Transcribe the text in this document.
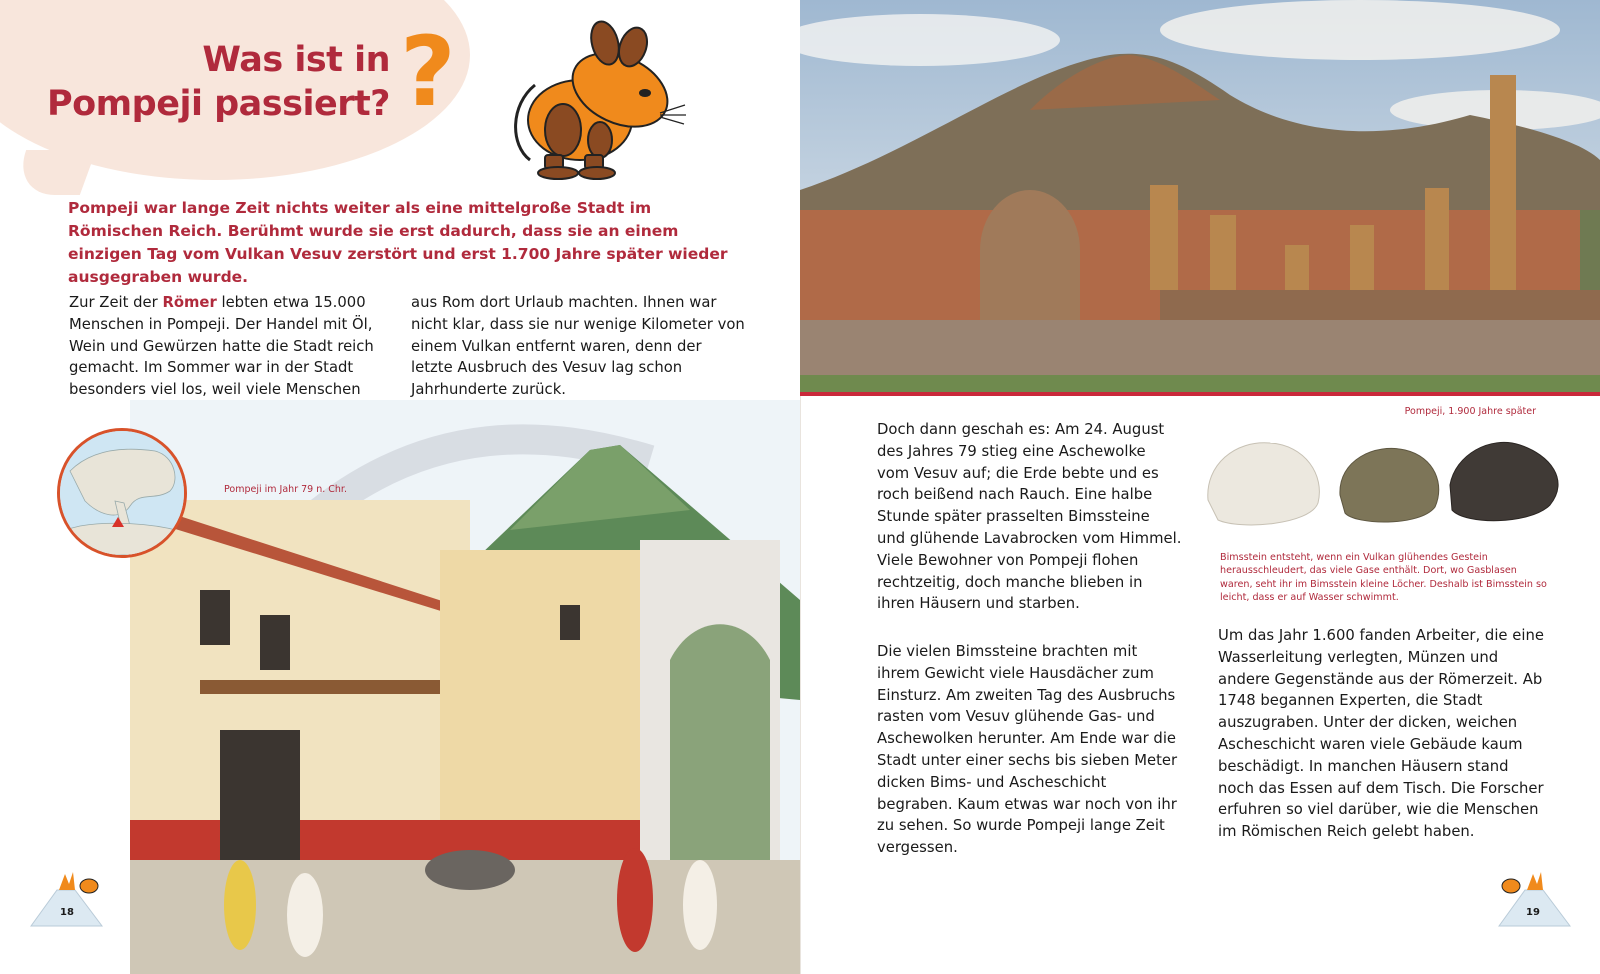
Was ist in
Pompeji passiert? ?
Pompeji war lange Zeit nichts weiter als eine mittelgroße Stadt im Römischen Reich. Berühmt wurde sie erst dadurch, dass sie an einem einzigen Tag vom Vulkan Vesuv zerstört und erst 1.700 Jahre später wieder ausgegraben wurde.
Zur Zeit der Römer lebten etwa 15.000 Menschen in Pompeji. Der Handel mit Öl, Wein und Gewürzen hatte die Stadt reich gemacht. Im Sommer war in der Stadt besonders viel los, weil viele Menschen
aus Rom dort Urlaub machten. Ihnen war nicht klar, dass sie nur wenige Kilometer von einem Vulkan entfernt waren, denn der letzte Ausbruch des Vesuv lag schon Jahrhunderte zurück.
Pompeji im Jahr 79 n. Chr.
18
Pompeji, 1.900 Jahre später
Doch dann geschah es: Am 24. August des Jahres 79 stieg eine Aschewolke vom Vesuv auf; die Erde bebte und es roch beißend nach Rauch. Eine halbe Stunde später prasselten Bimssteine und glühende Lavabrocken vom Himmel. Viele Bewohner von Pompeji flohen rechtzeitig, doch manche blieben in ihren Häusern und starben.
Die vielen Bimssteine brachten mit ihrem Gewicht viele Hausdächer zum Einsturz. Am zweiten Tag des Ausbruchs rasten vom Vesuv glühende Gas- und Aschewolken herunter. Am Ende war die Stadt unter einer sechs bis sieben Meter dicken Bims- und Ascheschicht begraben. Kaum etwas war noch von ihr zu sehen. So wurde Pompeji lange Zeit vergessen.
Bimsstein entsteht, wenn ein Vulkan glühendes Gestein herausschleudert, das viele Gase enthält. Dort, wo Gasblasen waren, seht ihr im Bimsstein kleine Löcher. Deshalb ist Bimsstein so leicht, dass er auf Wasser schwimmt.
Um das Jahr 1.600 fanden Arbeiter, die eine Wasserleitung verlegten, Münzen und andere Gegenstände aus der Römerzeit. Ab 1748 begannen Experten, die Stadt auszugraben. Unter der dicken, weichen Ascheschicht waren viele Gebäude kaum beschädigt. In manchen Häusern stand noch das Essen auf dem Tisch. Die Forscher erfuhren so viel darüber, wie die Menschen im Römischen Reich gelebt haben.
19
